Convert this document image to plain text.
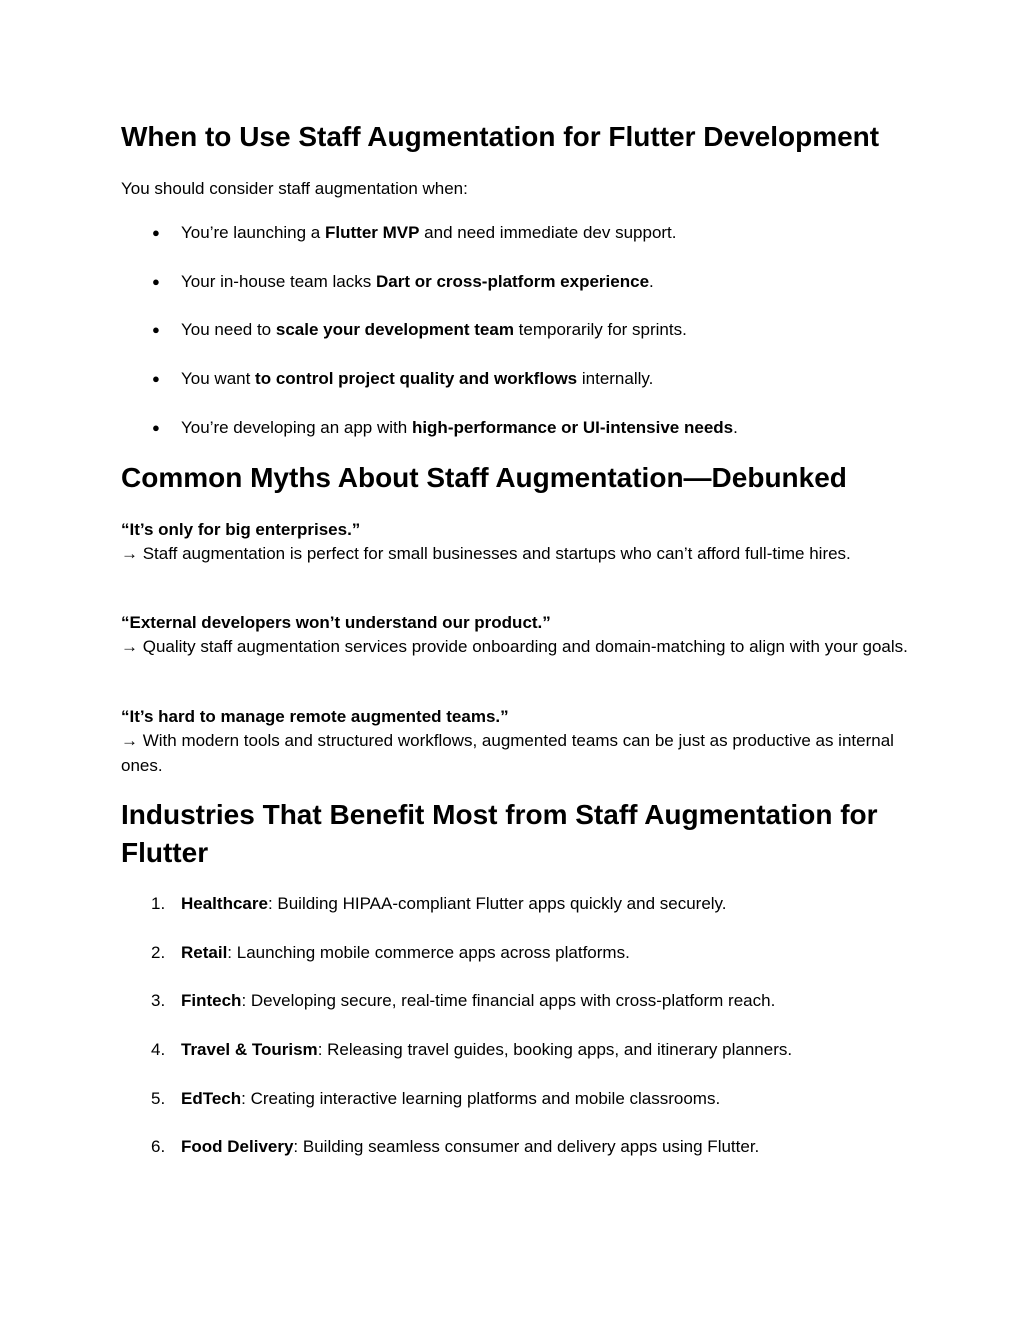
When to Use Staff Augmentation for Flutter Development

You should consider staff augmentation when:

● You’re launching a Flutter MVP and need immediate dev support.
● Your in-house team lacks Dart or cross-platform experience.
● You need to scale your development team temporarily for sprints.
● You want to control project quality and workflows internally.
● You’re developing an app with high-performance or UI-intensive needs.
Common Myths About Staff Augmentation—Debunked

“It’s only for big enterprises.”

→ Staff augmentation is perfect for small businesses and startups who can’t afford full-time hires.

“External developers won’t understand our product.”

→ Quality staff augmentation services provide onboarding and domain-matching to align with your goals.

“It’s hard to manage remote augmented teams.”

→ With modern tools and structured workflows, augmented teams can be just as productive as internal ones.

Industries That Benefit Most from Staff Augmentation for Flutter
1. Healthcare: Building HIPAA-compliant Flutter apps quickly and securely.
2. Retail: Launching mobile commerce apps across platforms.
3. Fintech: Developing secure, real-time financial apps with cross-platform reach.
4. Travel & Tourism: Releasing travel guides, booking apps, and itinerary planners.
5. EdTech: Creating interactive learning platforms and mobile classrooms.
6. Food Delivery: Building seamless consumer and delivery apps using Flutter.
